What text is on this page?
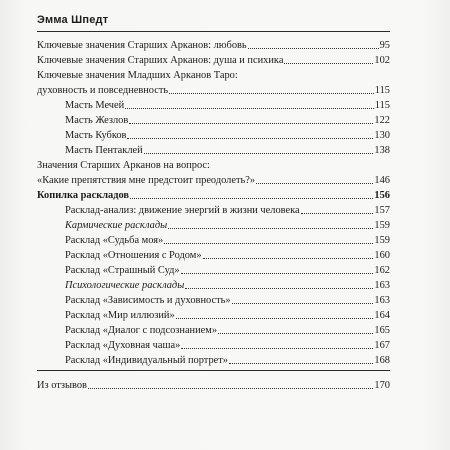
Эмма Шпедт
Ключевые значения Старших Арканов: любовь	95
Ключевые значения Старших Арканов: душа и психика	102
Ключевые значения Младших Арканов Таро:
духовность и повседневность	115
Масть Мечей	115
Масть Жезлов	122
Масть Кубков	130
Масть Пентаклей	138
Значения Старших Арканов на вопрос:
«Какие препятствия мне предстоит преодолеть?»	146
Копилка раскладов	156
Расклад-анализ: движение энергий в жизни человека	157
Кармические расклады	159
Расклад «Судьба моя»	159
Расклад «Отношения с Родом»	160
Расклад «Страшный Суд»	162
Психологические расклады	163
Расклад «Зависимость и духовность»	163
Расклад «Мир иллюзий»	164
Расклад «Диалог с подсознанием»	165
Расклад «Духовная чаша»	167
Расклад «Индивидуальный портрет»	168
Из отзывов	170
